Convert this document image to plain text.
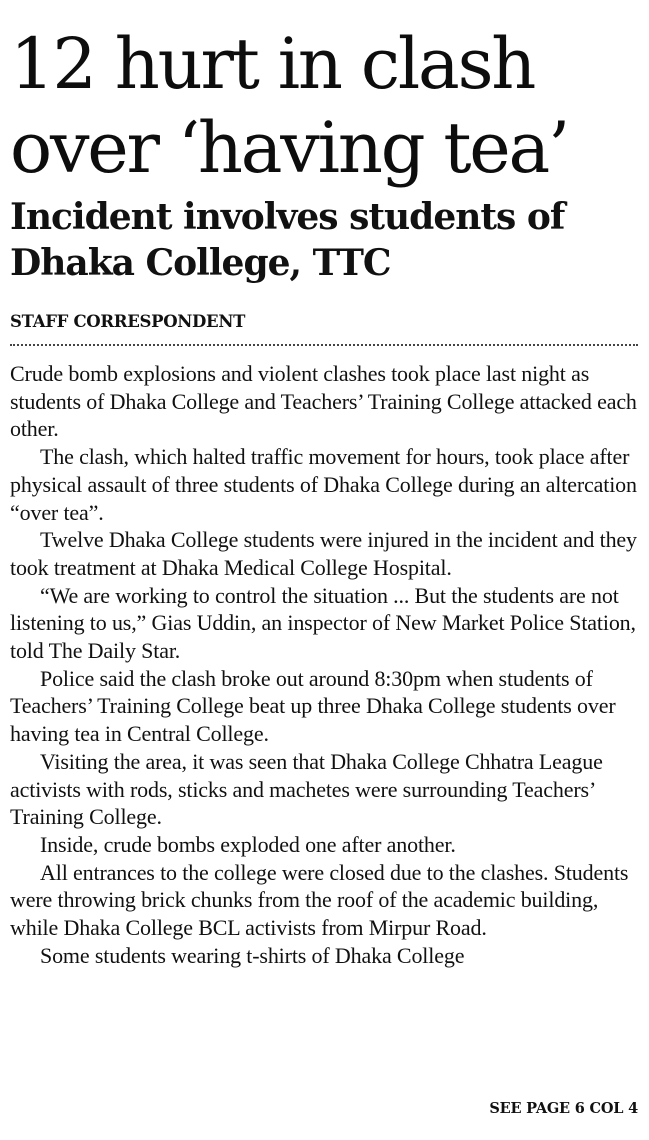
12 hurt in clash
over ‘having tea’
Incident involves students of
Dhaka College, TTC
STAFF CORRESPONDENT

Crude bomb explosions and violent clashes took place last night as students of Dhaka College and Teachers’ Training College attacked each other.

The clash, which halted traffic movement for hours, took place after physical assault of three students of Dhaka College during an altercation “over tea”.

Twelve Dhaka College students were injured in the incident and they took treatment at Dhaka Medical College Hospital.

“We are working to control the situation ... But the students are not listening to us,” Gias Uddin, an inspector of New Market Police Station, told The Daily Star.

Police said the clash broke out around 8:30pm when students of Teachers’ Training College beat up three Dhaka College students over having tea in Central College.

Visiting the area, it was seen that Dhaka College Chhatra League activists with rods, sticks and machetes were surrounding Teachers’ Training College.

Inside, crude bombs exploded one after another.

All entrances to the college were closed due to the clashes. Students were throwing brick chunks from the roof of the academic building, while Dhaka College BCL activists from Mirpur Road.

Some students wearing t-shirts of Dhaka College

SEE PAGE 6 COL 4
